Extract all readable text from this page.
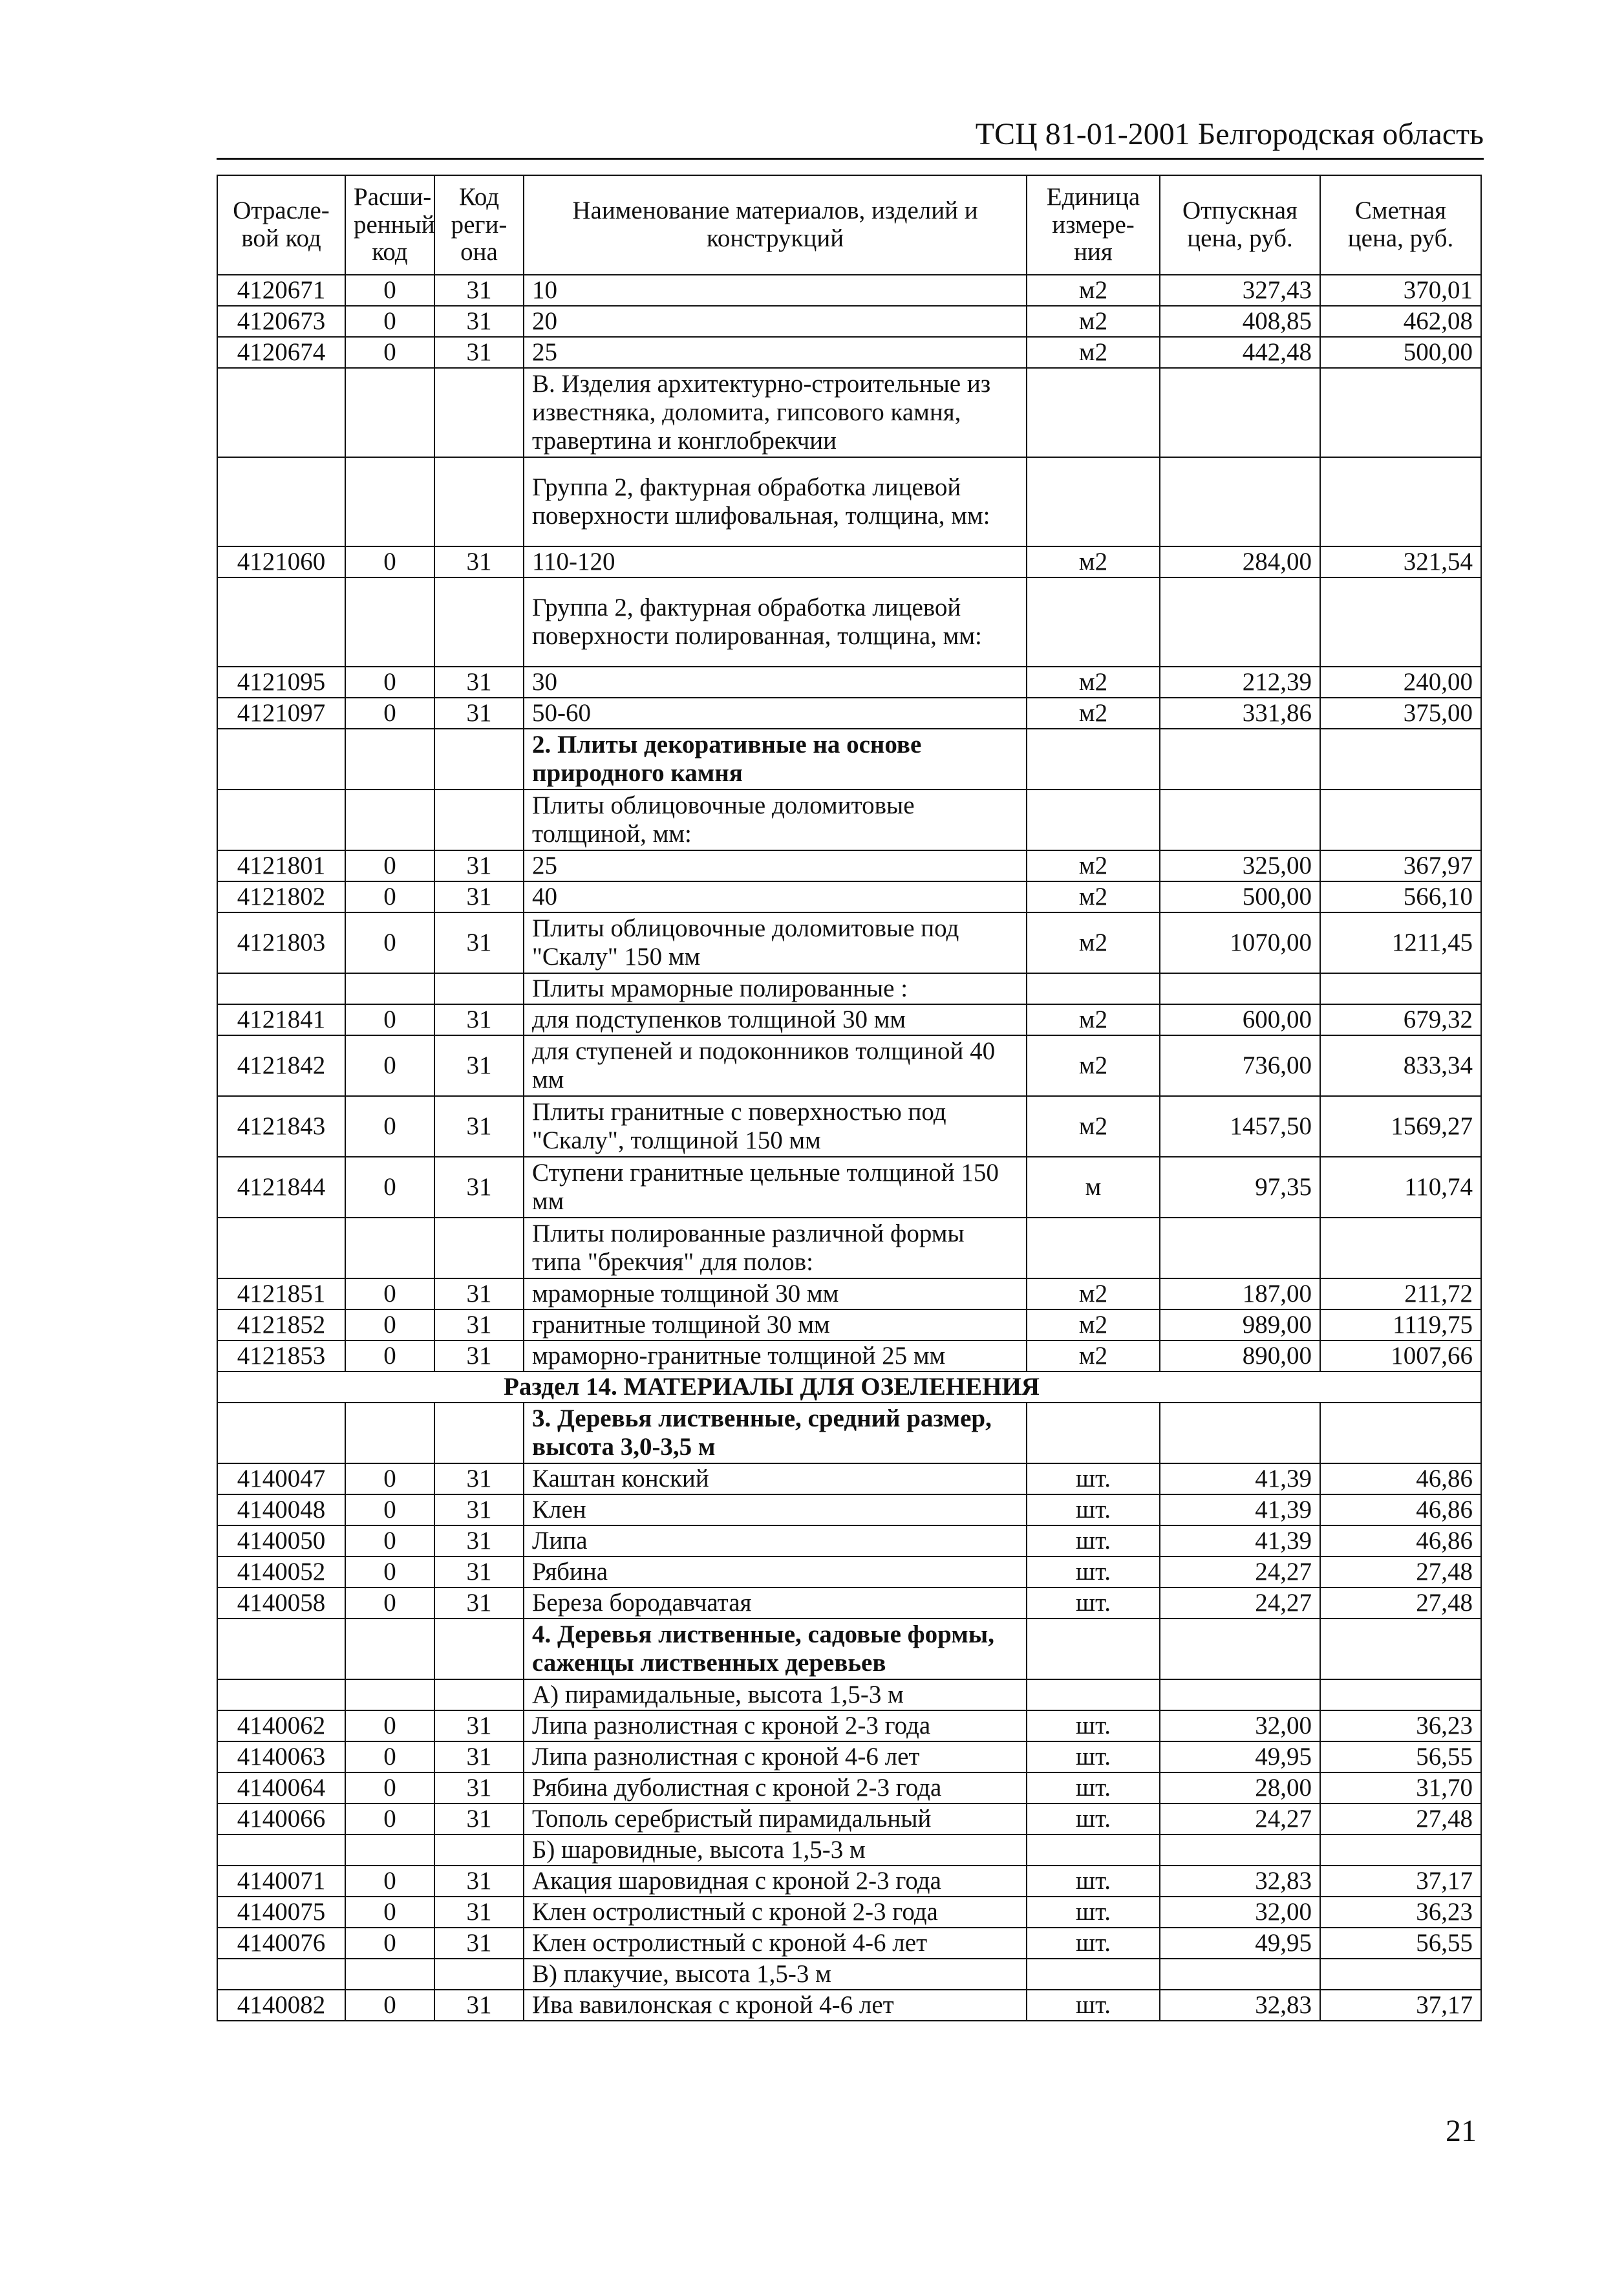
ТСЦ 81-01-2001 Белгородская область
Отрасле-вой код	Расши-ренный код	Код реги-она	Наименование материалов, изделий и конструкций	Единица измере-ния	Отпускная цена, руб.	Сметная цена, руб.
4120671	0	31	10	м2	327,43	370,01
4120673	0	31	20	м2	408,85	462,08
4120674	0	31	25	м2	442,48	500,00
			В. Изделия архитектурно-строительные из известняка, доломита, гипсового камня, травертина и конглобрекчии			
			Группа 2, фактурная обработка лицевой поверхности шлифовальная, толщина, мм:			
4121060	0	31	110-120	м2	284,00	321,54
			Группа 2, фактурная обработка лицевой поверхности полированная, толщина, мм:			
4121095	0	31	30	м2	212,39	240,00
4121097	0	31	50-60	м2	331,86	375,00
			2. Плиты декоративные на основе природного камня			
			Плиты облицовочные доломитовые толщиной, мм:			
4121801	0	31	25	м2	325,00	367,97
4121802	0	31	40	м2	500,00	566,10
4121803	0	31	Плиты облицовочные доломитовые под "Скалу" 150 мм	м2	1070,00	1211,45
			Плиты мраморные полированные :			
4121841	0	31	для подступенков толщиной 30 мм	м2	600,00	679,32
4121842	0	31	для ступеней и подоконников толщиной 40 мм	м2	736,00	833,34
4121843	0	31	Плиты гранитные с поверхностью под "Скалу", толщиной 150 мм	м2	1457,50	1569,27
4121844	0	31	Ступени гранитные цельные толщиной 150 мм	м	97,35	110,74
			Плиты полированные различной формы типа "брекчия" для полов:			
4121851	0	31	мраморные толщиной 30 мм	м2	187,00	211,72
4121852	0	31	гранитные толщиной 30 мм	м2	989,00	1119,75
4121853	0	31	мраморно-гранитные толщиной 25 мм	м2	890,00	1007,66
Раздел 14. МАТЕРИАЛЫ ДЛЯ ОЗЕЛЕНЕНИЯ						
			3. Деревья лиственные, средний размер, высота 3,0-3,5 м			
4140047	0	31	Каштан конский	шт.	41,39	46,86
4140048	0	31	Клен	шт.	41,39	46,86
4140050	0	31	Липа	шт.	41,39	46,86
4140052	0	31	Рябина	шт.	24,27	27,48
4140058	0	31	Береза бородавчатая	шт.	24,27	27,48
			4. Деревья лиственные, садовые формы, саженцы лиственных деревьев			
			А) пирамидальные, высота 1,5-3 м			
4140062	0	31	Липа разнолистная с кроной 2-3 года	шт.	32,00	36,23
4140063	0	31	Липа разнолистная с кроной 4-6 лет	шт.	49,95	56,55
4140064	0	31	Рябина дуболистная с кроной 2-3 года	шт.	28,00	31,70
4140066	0	31	Тополь серебристый пирамидальный	шт.	24,27	27,48
			Б) шаровидные, высота 1,5-3 м			
4140071	0	31	Акация шаровидная с кроной 2-3 года	шт.	32,83	37,17
4140075	0	31	Клен остролистный с кроной 2-3 года	шт.	32,00	36,23
4140076	0	31	Клен остролистный с кроной 4-6 лет	шт.	49,95	56,55
			В) плакучие, высота 1,5-3 м			
4140082	0	31	Ива вавилонская с кроной 4-6 лет	шт.	32,83	37,17
21
